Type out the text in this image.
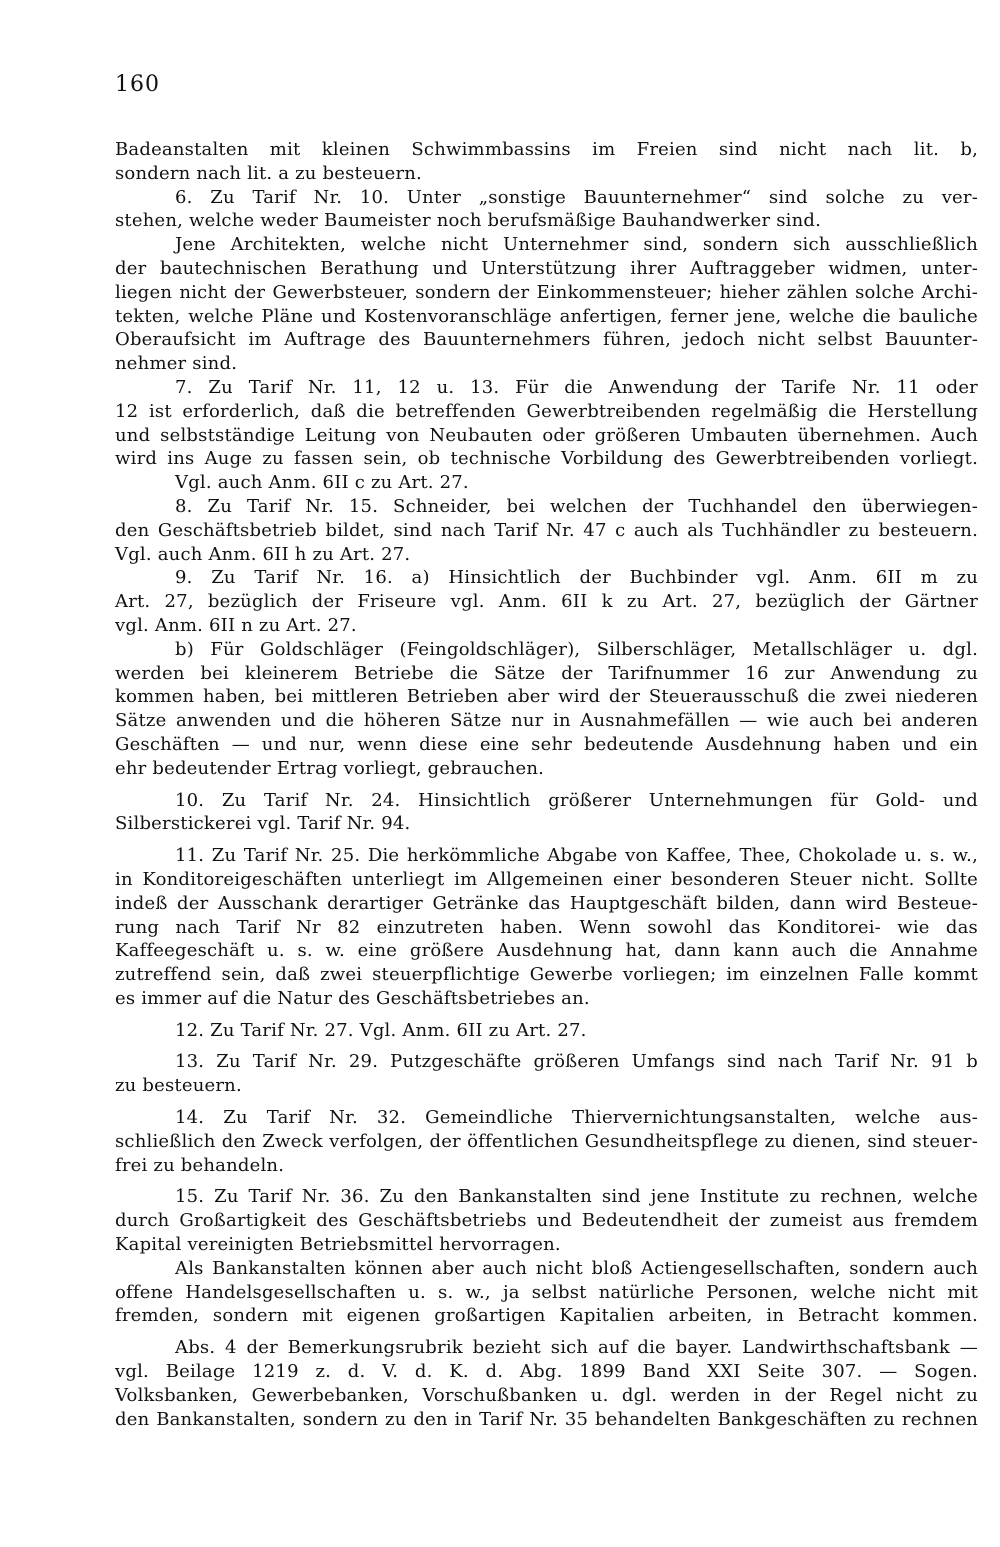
160
Badeanstalten mit kleinen Schwimmbassins im Freien sind nicht nach lit. b,
sondern nach lit. a zu besteuern.
6. Zu Tarif Nr. 10. Unter „sonstige Bauunternehmer“ sind solche zu ver-
stehen, welche weder Baumeister noch berufsmäßige Bauhandwerker sind.
Jene Architekten, welche nicht Unternehmer sind, sondern sich ausschließlich
der bautechnischen Berathung und Unterstützung ihrer Auftraggeber widmen, unter-
liegen nicht der Gewerbsteuer, sondern der Einkommensteuer; hieher zählen solche Archi-
tekten, welche Pläne und Kostenvoranschläge anfertigen, ferner jene, welche die bauliche
Oberaufsicht im Auftrage des Bauunternehmers führen, jedoch nicht selbst Bauunter-
nehmer sind.
7. Zu Tarif Nr. 11, 12 u. 13. Für die Anwendung der Tarife Nr. 11 oder
12 ist erforderlich, daß die betreffenden Gewerbtreibenden regelmäßig die Herstellung
und selbstständige Leitung von Neubauten oder größeren Umbauten übernehmen. Auch
wird ins Auge zu fassen sein, ob technische Vorbildung des Gewerbtreibenden vorliegt.
Vgl. auch Anm. 6II c zu Art. 27.
8. Zu Tarif Nr. 15. Schneider, bei welchen der Tuchhandel den überwiegen-
den Geschäftsbetrieb bildet, sind nach Tarif Nr. 47 c auch als Tuchhändler zu besteuern.
Vgl. auch Anm. 6II h zu Art. 27.
9. Zu Tarif Nr. 16. a) Hinsichtlich der Buchbinder vgl. Anm. 6II m zu
Art. 27, bezüglich der Friseure vgl. Anm. 6II k zu Art. 27, bezüglich der Gärtner
vgl. Anm. 6II n zu Art. 27.
b) Für Goldschläger (Feingoldschläger), Silberschläger, Metallschläger u. dgl.
werden bei kleinerem Betriebe die Sätze der Tarifnummer 16 zur Anwendung zu
kommen haben, bei mittleren Betrieben aber wird der Steuerausschuß die zwei niederen
Sätze anwenden und die höheren Sätze nur in Ausnahmefällen — wie auch bei anderen
Geschäften — und nur, wenn diese eine sehr bedeutende Ausdehnung haben und ein
ehr bedeutender Ertrag vorliegt, gebrauchen.
10. Zu Tarif Nr. 24. Hinsichtlich größerer Unternehmungen für Gold- und
Silberstickerei vgl. Tarif Nr. 94.
11. Zu Tarif Nr. 25. Die herkömmliche Abgabe von Kaffee, Thee, Chokolade u. s. w.,
in Konditoreigeschäften unterliegt im Allgemeinen einer besonderen Steuer nicht. Sollte
indeß der Ausschank derartiger Getränke das Hauptgeschäft bilden, dann wird Besteue-
rung nach Tarif Nr 82 einzutreten haben. Wenn sowohl das Konditorei- wie das
Kaffeegeschäft u. s. w. eine größere Ausdehnung hat, dann kann auch die Annahme
zutreffend sein, daß zwei steuerpflichtige Gewerbe vorliegen; im einzelnen Falle kommt
es immer auf die Natur des Geschäftsbetriebes an.
12. Zu Tarif Nr. 27. Vgl. Anm. 6II zu Art. 27.
13. Zu Tarif Nr. 29. Putzgeschäfte größeren Umfangs sind nach Tarif Nr. 91 b
zu besteuern.
14. Zu Tarif Nr. 32. Gemeindliche Thiervernichtungsanstalten, welche aus-
schließlich den Zweck verfolgen, der öffentlichen Gesundheitspflege zu dienen, sind steuer-
frei zu behandeln.
15. Zu Tarif Nr. 36. Zu den Bankanstalten sind jene Institute zu rechnen, welche
durch Großartigkeit des Geschäftsbetriebs und Bedeutendheit der zumeist aus fremdem
Kapital vereinigten Betriebsmittel hervorragen.
Als Bankanstalten können aber auch nicht bloß Actiengesellschaften, sondern auch
offene Handelsgesellschaften u. s. w., ja selbst natürliche Personen, welche nicht mit
fremden, sondern mit eigenen großartigen Kapitalien arbeiten, in Betracht kommen.
Abs. 4 der Bemerkungsrubrik bezieht sich auf die bayer. Landwirthschaftsbank —
vgl. Beilage 1219 z. d. V. d. K. d. Abg. 1899 Band XXI Seite 307. — Sogen.
Volksbanken, Gewerbebanken, Vorschußbanken u. dgl. werden in der Regel nicht zu
den Bankanstalten, sondern zu den in Tarif Nr. 35 behandelten Bankgeschäften zu rechnen
